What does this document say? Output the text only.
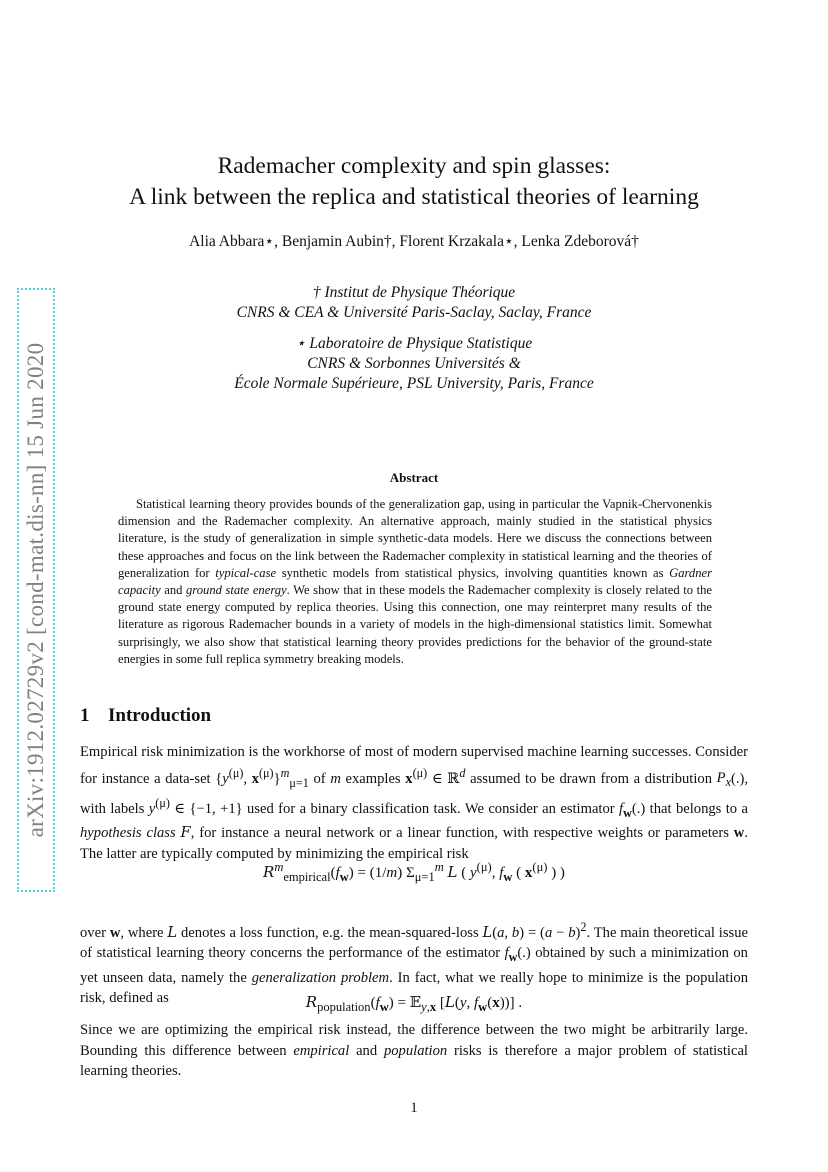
arXiv:1912.02729v2 [cond-mat.dis-nn] 15 Jun 2020
Rademacher complexity and spin glasses:
A link between the replica and statistical theories of learning
Alia Abbara⋆, Benjamin Aubin†, Florent Krzakala⋆, Lenka Zdeborová†
† Institut de Physique Théorique
CNRS & CEA & Université Paris-Saclay, Saclay, France
⋆ Laboratoire de Physique Statistique
CNRS & Sorbonnes Universités &
École Normale Supérieure, PSL University, Paris, France
Abstract

Statistical learning theory provides bounds of the generalization gap, using in particular the Vapnik-Chervonenkis dimension and the Rademacher complexity. An alternative approach, mainly studied in the statistical physics literature, is the study of generalization in simple synthetic-data models. Here we discuss the connections between these approaches and focus on the link between the Rademacher complexity in statistical learning and the theories of generalization for typical-case synthetic models from statistical physics, involving quantities known as Gardner capacity and ground state energy. We show that in these models the Rademacher complexity is closely related to the ground state energy computed by replica theories. Using this connection, one may reinterpret many results of the literature as rigorous Rademacher bounds in a variety of models in the high-dimensional statistics limit. Somewhat surprisingly, we also show that statistical learning theory provides predictions for the behavior of the ground-state energies in some full replica symmetry breaking models.

1 Introduction

Empirical risk minimization is the workhorse of most of modern supervised machine learning successes. Consider for instance a data-set {$y^{(\mu)}$, $x^{(\mu)}\}^m_{\mu=1}$ of m examples $x^{(\mu)}$ ∈ ℝ$^d$ assumed to be drawn from a distribution $P_x(.)$, with labels $y^{(\mu)}$ ∈ {−1, +1} used for a binary classification task. We consider an estimator $f_w(.)$ that belongs to a hypothesis class F, for instance a neural network or a linear function, with respective weights or parameters w. The latter are typically computed by minimizing the empirical risk

$R^m_{empirical}(f_w) = (1/m)$ $\Sigma_{\mu=1}^m$ L ( $y^{(\mu)}$, $f_w$ ( $x^{(\mu)}$ ) )

over w, where L denotes a loss function, e.g. the mean-squared-loss L(a, $b) = (a - b)^2$. The main theoretical issue of statistical learning theory concerns the performance of the estimator $f_w(.)$ obtained by such a minimization on yet unseen data, namely the generalization problem. In fact, what we really hope to minimize is the population risk, defined as	$R_{population}(f_w)$ = 𝔼$_{y,x}$ [L(y, $f_w(x)$)] .

Since we are optimizing the empirical risk instead, the difference between the two might be arbitrarily large. Bounding this difference between empirical and population risks is therefore a major problem of statistical learning theories.

1
